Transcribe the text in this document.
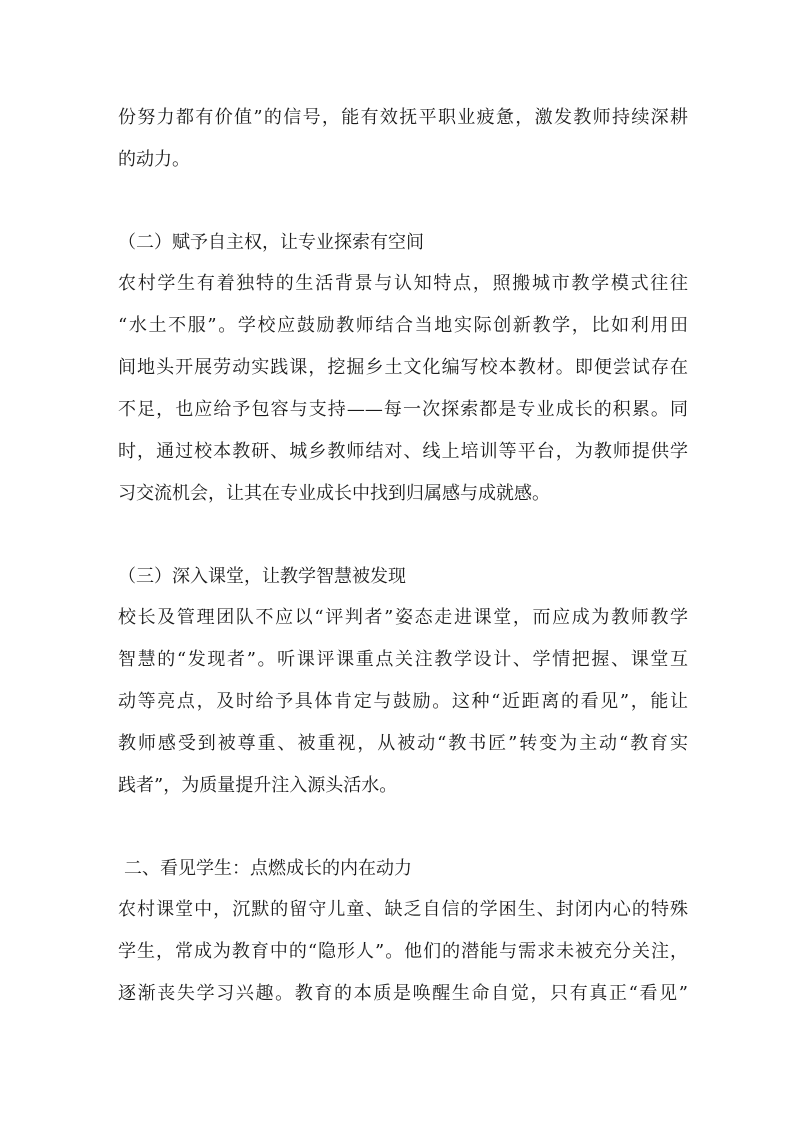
份努力都有价值”的信号，能有效抚平职业疲惫，激发教师持续深耕
的动力。
（二）赋予自主权，让专业探索有空间
农村学生有着独特的生活背景与认知特点，照搬城市教学模式往往
“水土不服”。学校应鼓励教师结合当地实际创新教学，比如利用田
间地头开展劳动实践课，挖掘乡土文化编写校本教材。即便尝试存在
不足，也应给予包容与支持——每一次探索都是专业成长的积累。同
时，通过校本教研、城乡教师结对、线上培训等平台，为教师提供学
习交流机会，让其在专业成长中找到归属感与成就感。
（三）深入课堂，让教学智慧被发现
校长及管理团队不应以“评判者”姿态走进课堂，而应成为教师教学
智慧的“发现者”。听课评课重点关注教学设计、学情把握、课堂互
动等亮点，及时给予具体肯定与鼓励。这种“近距离的看见”，能让
教师感受到被尊重、被重视，从被动“教书匠”转变为主动“教育实
践者”，为质量提升注入源头活水。
二、看见学生：点燃成长的内在动力
农村课堂中，沉默的留守儿童、缺乏自信的学困生、封闭内心的特殊
学生，常成为教育中的“隐形人”。他们的潜能与需求未被充分关注，
逐渐丧失学习兴趣。教育的本质是唤醒生命自觉，只有真正“看见”
